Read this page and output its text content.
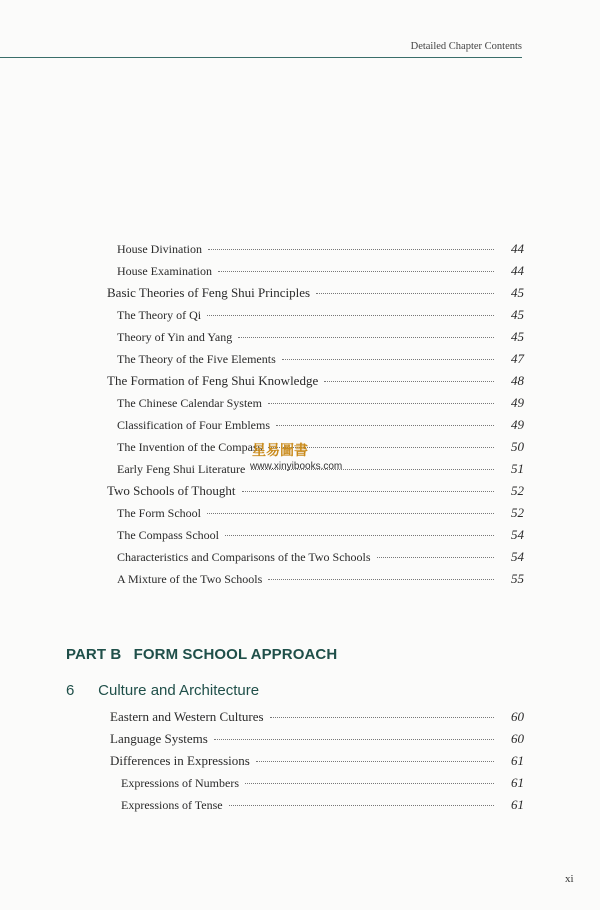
Detailed Chapter Contents
House Divination	44
House Examination	44
Basic Theories of Feng Shui Principles	45
The Theory of Qi	45
Theory of Yin and Yang	45
The Theory of the Five Elements	47
The Formation of Feng Shui Knowledge	48
The Chinese Calendar System	49
Classification of Four Emblems	49
The Invention of the Compass	50
Early Feng Shui Literature	51
Two Schools of Thought	52
The Form School	52
The Compass School	54
Characteristics and Comparisons of the Two Schools	54
A Mixture of the Two Schools	55
PART B FORM SCHOOL APPROACH
6 Culture and Architecture
Eastern and Western Cultures	60
Language Systems	60
Differences in Expressions	61
Expressions of Numbers	61
Expressions of Tense	61
星易圖書
www.xinyibooks.com
xi
